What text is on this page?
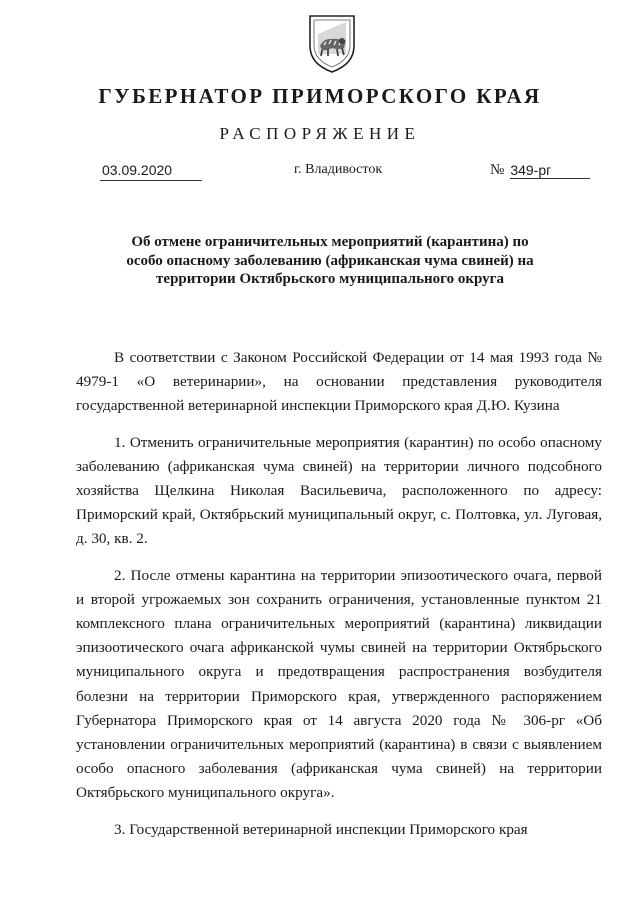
ГУБЕРНАТОР ПРИМОРСКОГО КРАЯ
РАСПОРЯЖЕНИЕ
03.09.2020	г. Владивосток	№ 349-рг
Об отмене ограничительных мероприятий (карантина) по особо опасному заболеванию (африканская чума свиней) на территории Октябрьского муниципального округа

В соответствии с Законом Российской Федерации от 14 мая 1993 года № 4979-1 «О ветеринарии», на основании представления руководителя государственной ветеринарной инспекции Приморского края Д.Ю. Кузина

1. Отменить ограничительные мероприятия (карантин) по особо опасному заболеванию (африканская чума свиней) на территории личного подсобного хозяйства Щелкина Николая Васильевича, расположенного по адресу: Приморский край, Октябрьский муниципальный округ, с. Полтовка, ул. Луговая, д. 30, кв. 2.

2. После отмены карантина на территории эпизоотического очага, первой и второй угрожаемых зон сохранить ограничения, установленные пунктом 21 комплексного плана ограничительных мероприятий (карантина) ликвидации эпизоотического очага африканской чумы свиней на территории Октябрьского муниципального округа и предотвращения распространения возбудителя болезни на территории Приморского края, утвержденного распоряжением Губернатора Приморского края от 14 августа 2020 года № 306-рг «Об установлении ограничительных мероприятий (карантина) в связи с выявлением особо опасного заболевания (африканская чума свиней) на территории Октябрьского муниципального округа».

3. Государственной ветеринарной инспекции Приморского края
